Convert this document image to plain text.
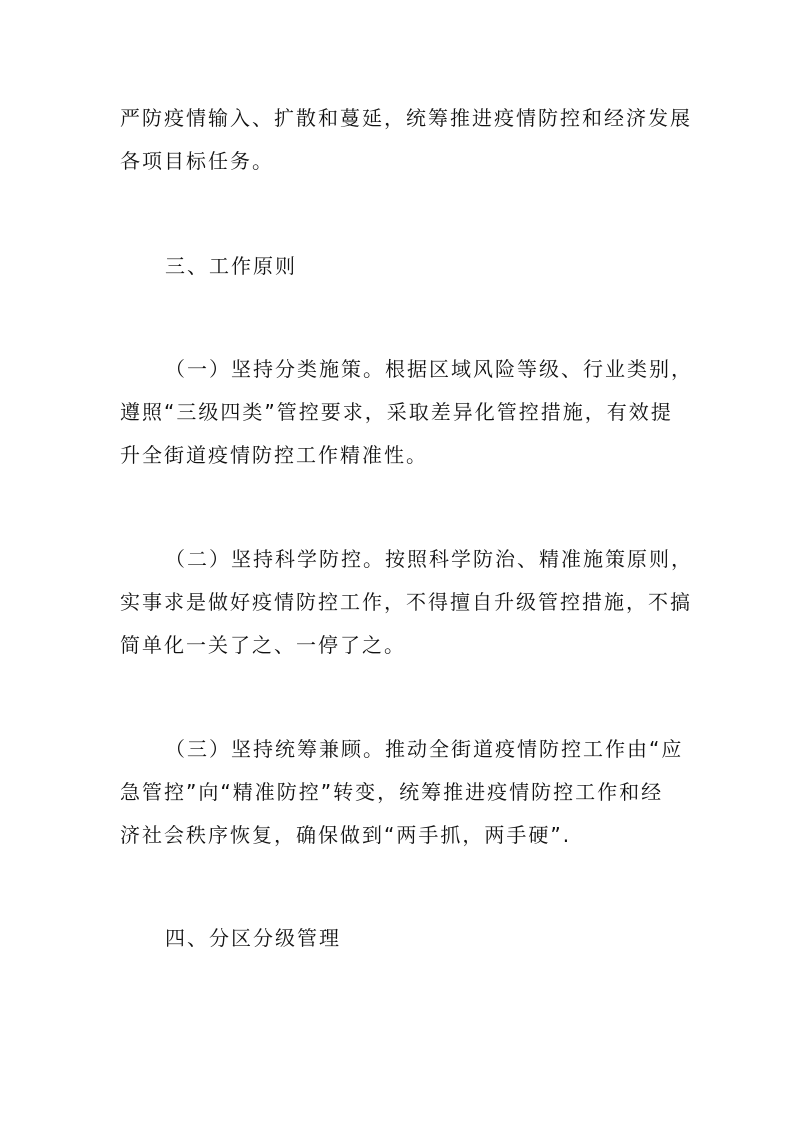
严防疫情输入、扩散和蔓延，统筹推进疫情防控和经济发展
各项目标任务。
三、工作原则
（一）坚持分类施策。根据区域风险等级、行业类别，
遵照“三级四类”管控要求，采取差异化管控措施，有效提
升全街道疫情防控工作精准性。
（二）坚持科学防控。按照科学防治、精准施策原则，
实事求是做好疫情防控工作，不得擅自升级管控措施，不搞
简单化一关了之、一停了之。
（三）坚持统筹兼顾。推动全街道疫情防控工作由“应
急管控”向“精准防控”转变，统筹推进疫情防控工作和经
济社会秩序恢复，确保做到“两手抓，两手硬”.
四、分区分级管理
